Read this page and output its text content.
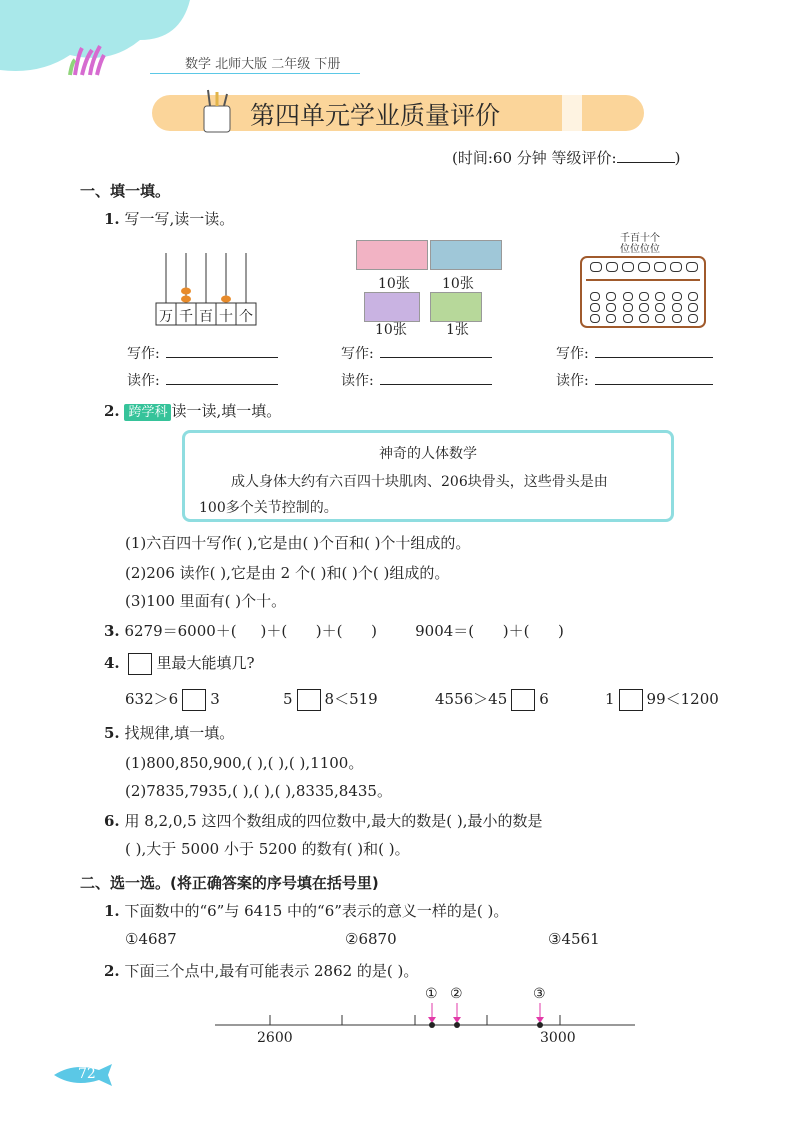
数学 北师大版 二年级 下册
第四单元学业质量评价
(时间:60 分钟 等级评价:	)
一、填一填。
1. 写一写,读一读。
万 千 百 十 个
10张 10张
10张	1张
千百十个
位位位位
写作:
读作:
写作:
读作:
写作:
读作:
2. 跨学科 读一读,填一填。
神奇的人体数学
成人身体大约有六百四十块肌肉、206块骨头，这些骨头是由
100多个关节控制的。
(1)六百四十写作( ),它是由( )个百和( )个十组成的。
(2)206 读作( ),它是由 2 个( )和( )个( )组成的。
(3)100 里面有( )个十。
3. 6279＝6000＋(     )＋(      )＋(      )        9004＝(      )＋(      )
4. 里最大能填几?
632＞6 3	5 8＜519	4556＞45 6	1 99＜1200
5. 找规律,填一填。
(1)800,850,900,( ),( ),( ),1100。
(2)7835,7935,( ),( ),( ),8335,8435。
6. 用 8,2,0,5 这四个数组成的四位数中,最大的数是( ),最小的数是
( ),大于 5000 小于 5200 的数有( )和( )。
二、选一选。(将正确答案的序号填在括号里)
1. 下面数中的“6”与 6415 中的“6”表示的意义一样的是( )。
①4687	②6870	③4561
2. 下面三个点中,最有可能表示 2862 的是( )。
① ②	③
2600	3000
72
